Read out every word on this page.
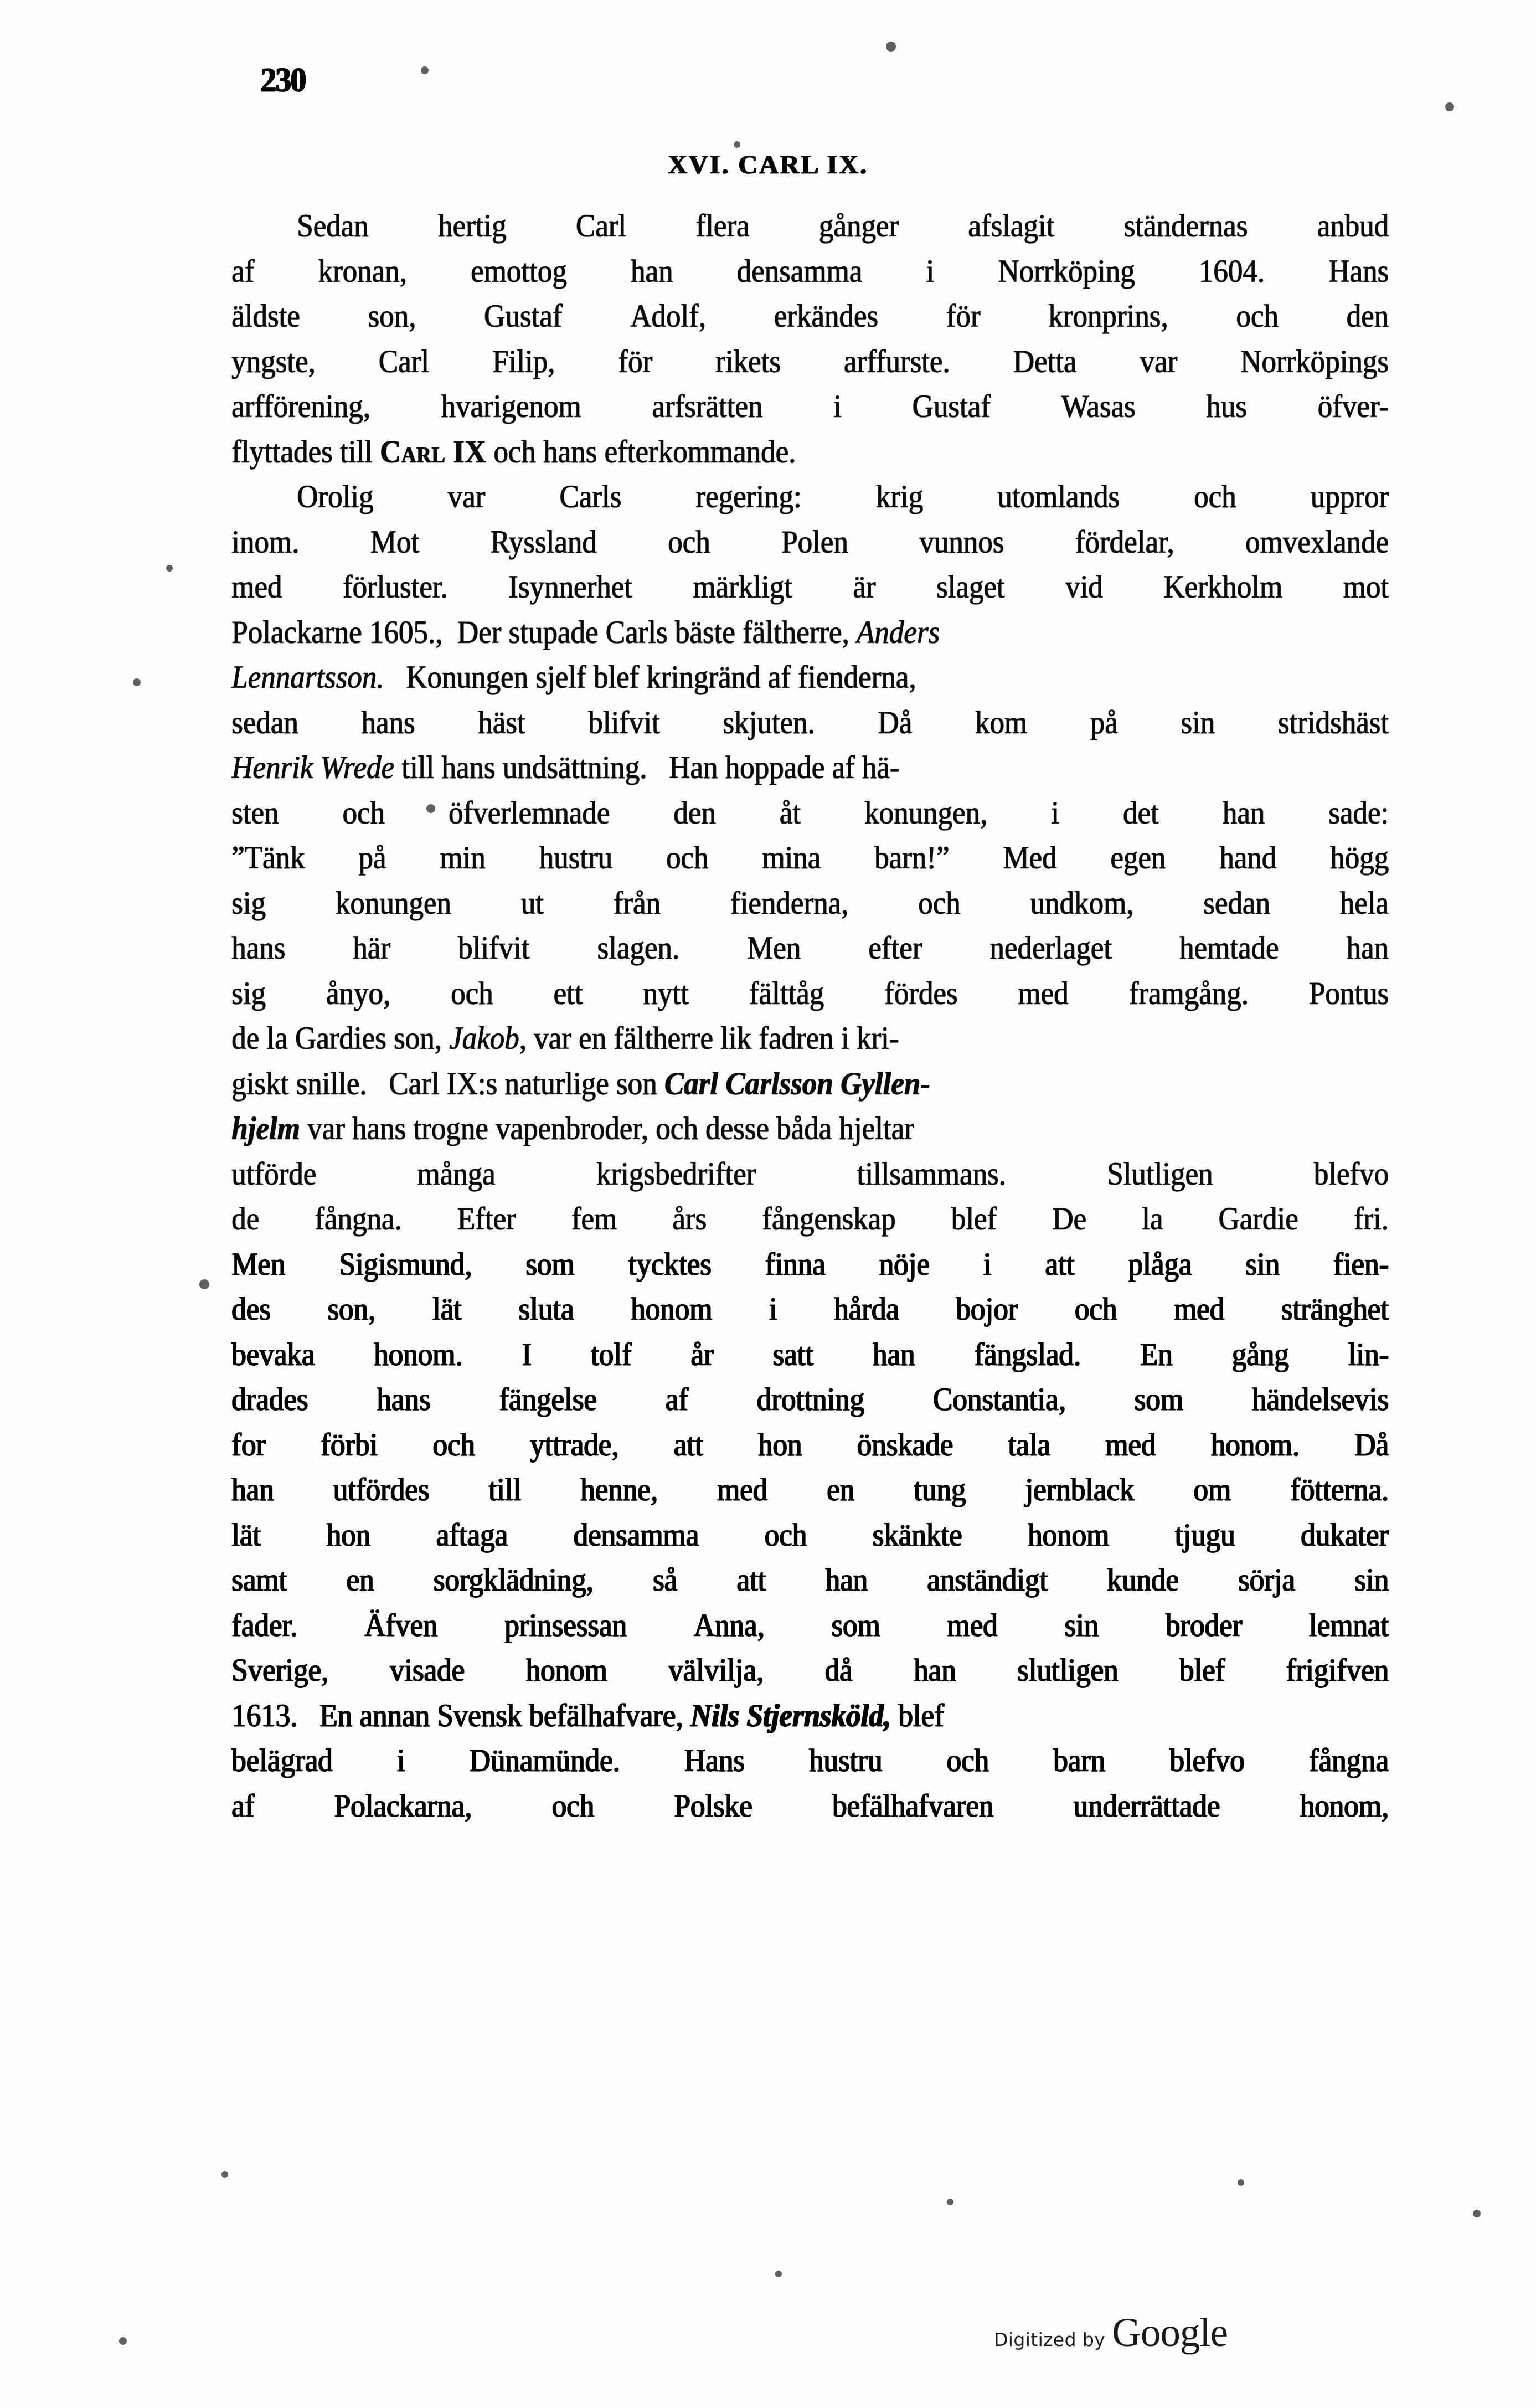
230
XVI. CARL IX.
Sedan hertig Carl flera gånger afslagit ständernas anbud
af kronan, emottog han densamma i Norrköping 1604. Hans
äldste son, Gustaf Adolf, erkändes för kronprins, och den
yngste, Carl Filip, för rikets arffurste. Detta var Norrköpings
arfförening, hvarigenom arfsrätten i Gustaf Wasas hus öfver-
flyttades till Carl IX och hans efterkommande.
Orolig	var	Carls	regering:	krig	utomlands	och	uppror
inom. Mot Ryssland och Polen vunnos fördelar, omvexlande
med förluster. Isynnerhet märkligt är slaget vid Kerkholm mot
Polackarne 1605.,  Der stupade Carls bäste fältherre, Anders
Lennartsson.   Konungen sjelf blef kringränd af fienderna,
sedan hans häst blifvit skjuten. Då kom på sin stridshäst
Henrik Wrede till hans undsättning.   Han hoppade af hä-
sten och öfverlemnade den åt konungen, i det han sade:
”Tänk på min hustru och mina barn!” Med egen hand högg
sig konungen ut från fienderna, och undkom, sedan hela
hans här blifvit slagen. Men efter nederlaget hemtade han
sig ånyo, och ett nytt fälttåg fördes med framgång. Pontus
de la Gardies son, Jakob, var en fältherre lik fadren i kri-
giskt snille.   Carl IX:s naturlige son Carl Carlsson Gyllen-
hjelm var hans trogne vapenbroder, och desse båda hjeltar
utförde	många	krigsbedrifter	tillsammans.	Slutligen	blefvo
de fångna. Efter fem års fångenskap blef De la Gardie fri.
Men Sigismund, som tycktes finna nöje i att plåga sin fien-
des son, lät sluta honom i hårda bojor och med stränghet
bevaka honom. I tolf år satt han fängslad. En gång lin-
drades hans fängelse af drottning Constantia, som händelsevis
for förbi och yttrade, att hon önskade tala med honom. Då
han utfördes till henne, med en tung jernblack om fötterna.
lät hon aftaga densamma och skänkte honom tjugu dukater
samt en sorgklädning, så att han anständigt kunde sörja sin
fader. Äfven prinsessan Anna, som med sin broder lemnat
Sverige, visade honom välvilja, då han slutligen blef frigifven
1613.   En annan Svensk befälhafvare, Nils Stjernsköld, blef
belägrad i Dünamünde. Hans hustru och barn blefvo fångna
af	Polackarna,	och	Polske	befälhafvaren	underrättade	honom,
Digitized by Google
